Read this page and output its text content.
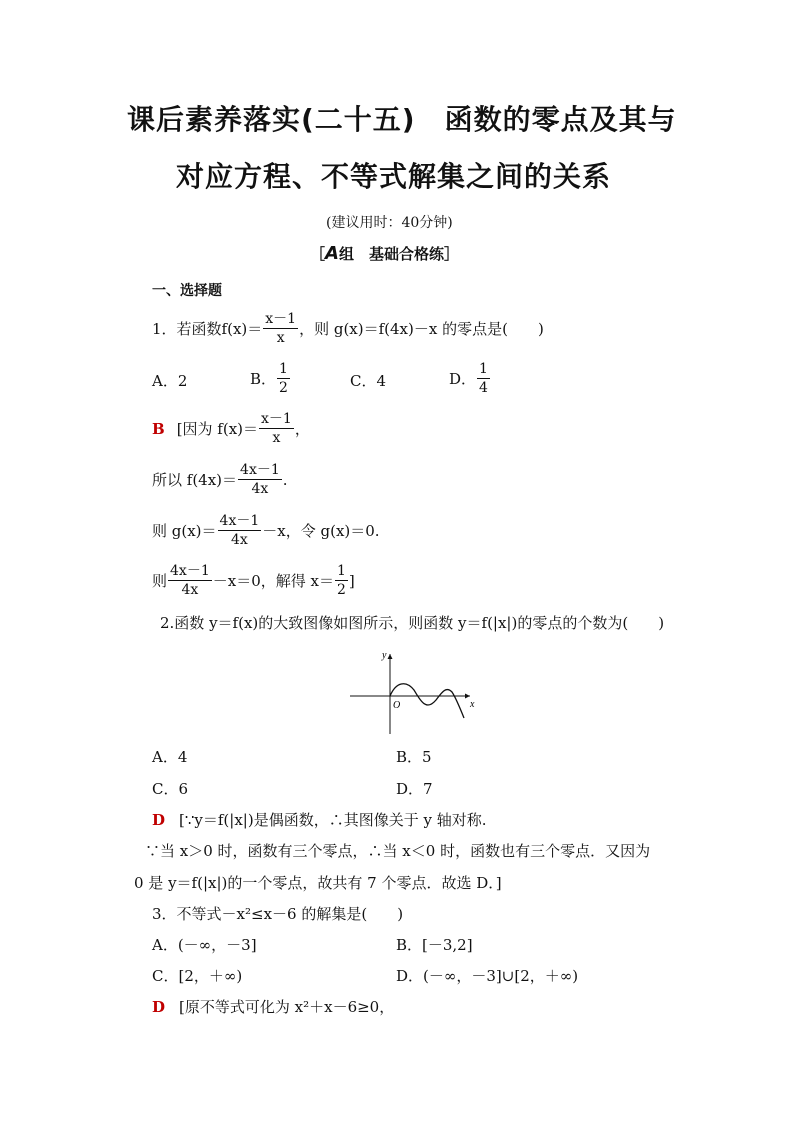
课后素养落实(二十五)　函数的零点及其与
对应方程、不等式解集之间的关系
(建议用时：40分钟)
［A组　基础合格练］
一、选择题
1．若函数 $f(x)= \frac{x-1}{x}$ ，则 g(x)＝f(4x)－x 的零点是(　　)
A．2	B． $\frac{1}{2}$	C．4	D． $\frac{1}{4}$
B [因为 $f(x)= \frac{x-1}{x}$ ，
所以 $f(4x)= \frac{4x-1}{4x}$ .
则 $g(x)= \frac{4x-1}{4x} -x$，令 g(x)＝0.
则 $\frac{4x-1}{4x} -x=0$，解得 $x= \frac{1}{2}$ ]
2.函数 y＝f(x)的大致图像如图所示，则函数 y＝f(|x|)的零点的个数为(　　)
y
x
O
A．4	B．5
C．6	D．7
D [∵y＝f(|x|)是偶函数，∴其图像关于 y 轴对称.
∵当 x＞0 时，函数有三个零点，∴当 x＜0 时，函数也有三个零点．又因为
0 是 y＝f(|x|)的一个零点，故共有 7 个零点．故选 D．]
3．不等式－x²≤x－6 的解集是(　　)
A．(－∞，－3]	B．[－3,2]
C．[2，＋∞)	D．(－∞，－3]∪[2，＋∞)
D [原不等式可化为 x²＋x－6≥0，
